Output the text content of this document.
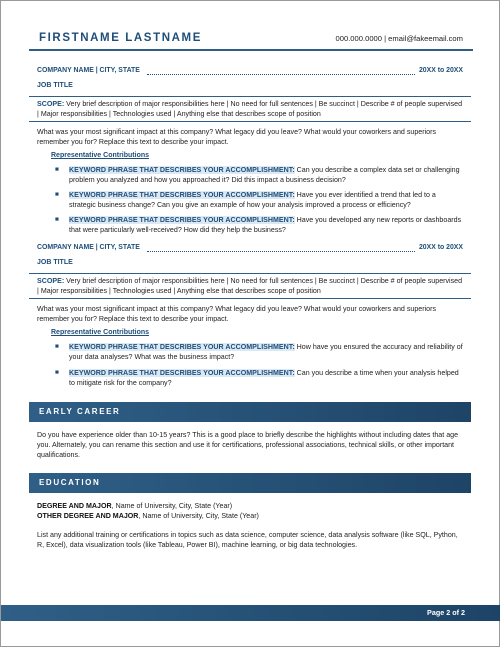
FIRSTNAME LASTNAME	000.000.0000 | email@fakeemail.com
COMPANY NAME | CITY, STATE	20XX to 20XX
JOB TITLE
SCOPE: Very brief description of major responsibilities here | No need for full sentences | Be succinct | Describe # of people supervised | Major responsibilities | Technologies used | Anything else that describes scope of position
What was your most significant impact at this company? What legacy did you leave? What would your coworkers and superiors remember you for? Replace this text to describe your impact.
Representative Contributions
■	KEYWORD PHRASE THAT DESCRIBES YOUR ACCOMPLISHMENT: Can you describe a complex data set or challenging problem you analyzed and how you approached it? Did this impact a business decision?
■	KEYWORD PHRASE THAT DESCRIBES YOUR ACCOMPLISHMENT: Have you ever identified a trend that led to a strategic business change? Can you give an example of how your analysis improved a process or efficiency?
■	KEYWORD PHRASE THAT DESCRIBES YOUR ACCOMPLISHMENT: Have you developed any new reports or dashboards that were particularly well-received? How did they help the business?
COMPANY NAME | CITY, STATE	20XX to 20XX
JOB TITLE
SCOPE: Very brief description of major responsibilities here | No need for full sentences | Be succinct | Describe # of people supervised | Major responsibilities | Technologies used | Anything else that describes scope of position
What was your most significant impact at this company? What legacy did you leave? What would your coworkers and superiors remember you for? Replace this text to describe your impact.
Representative Contributions
■	KEYWORD PHRASE THAT DESCRIBES YOUR ACCOMPLISHMENT: How have you ensured the accuracy and reliability of your data analyses? What was the business impact?
■	KEYWORD PHRASE THAT DESCRIBES YOUR ACCOMPLISHMENT: Can you describe a time when your analysis helped to mitigate risk for the company?
EARLY CAREER
Do you have experience older than 10-15 years? This is a good place to briefly describe the highlights without including dates that age you. Alternately, you can rename this section and use it for certifications, professional associations, technical skills, or other important qualifications.
EDUCATION
DEGREE AND MAJOR, Name of University, City, State (Year)
OTHER DEGREE AND MAJOR, Name of University, City, State (Year)
List any additional training or certifications in topics such as data science, computer science, data analysis software (like SQL, Python, R, Excel), data visualization tools (like Tableau, Power BI), machine learning, or big data technologies.
Page 2 of 2
